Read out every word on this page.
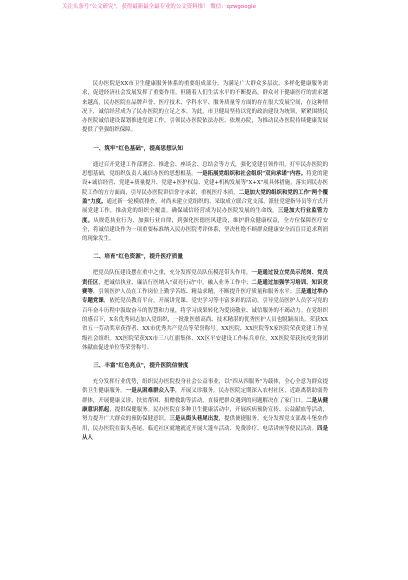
关注头条号"公文研究"，获得最新最全最专业的公文资料推！ 微信：qzwgoogle

民办医院是XX市卫生健康服务体系的重要组成部分，为满足广大群众多层次、多样化健康服务需求，促进经济社会发展发挥了重要作用。但随着人们生活水平的不断提高，群众对于健康医疗的需求越来越高，民办医院在品牌声誉、医疗技术、学科水平、服务质量等方面的存在很大发展空间，在这种情况下，诚信经营成为了民办医院的立足之本。为此，市卫健局坚持以党的政治建设为统领，紧紧围绕民办医院诚信建设谋划推进党建工作，引领民办医院依法办医、依规办院，为推动民办医院持续健康发展提供了坚强组织保障。

一、筑牢"红色基础"，提高思想认知

通过召开党建工作部署会、推进会、座谈会、总结会等方式，强化党建引领作用，打牢民办医院的思想基础，党组织负责人诚信办医的思想根基。一是拓展党组织和社会组织"双向承诺"内容。将党的建设+诚信经营、党建+质量提升、党建+医护权益、党建+机构发展等"X+X"项具体措施，落实到民办医院工作的方方面面，引导民办医院讲信誉守承诺，重视医疗本质。二是加大党的组织和党的工作"两个覆盖"力度。通过新一轮模底排查，对尚未建立党组织的、采取成立联合党支部、派驻党建指导员等方式开展党建工作，推动党的组织全覆盖。确保诚信经营成为民办医院发展的生命线。三是加大行业监管力度。从规范执业行为，加强行业自律，到强化医德医风建设，维护群众健康权益，全方位保障医疗安全，将诚信建设作为一项重要标准纳入民办医院考评体系，坚决杜绝不顾群众健康安全而盲目追求利润的现象发生。

二、培育"红色资源"，提升医疗质量

把党员队伍建设摆在重中之重，充分发挥党员队伍模范带头作用。一是通过设立党员示范岗、党员责任区，把诚信执业、廉洁行医纳入"双亮行动"中，融入业务工作中；二是通过加强学习培训、知识竞赛等，引领医护人员在工作岗位上勤学苦练、精益求精，不断提升医疗质量和服务水平；三是通过举办专题党课，依托党员教育平台，开展讲党课、党史学习等丰富多彩的活动，引导党员医护人员学习党的百年奋斗历程中汲取奋斗的智慧和力量，将学习成果转化为爱岗敬业、诚信服务的不竭动力。在党组织的感召下，X名优秀同志加入党组织，一批批医德高尚、技术精湛的优秀医护人员也脱颖而出。荣获XX省五一劳动奖章获得者、XX市优秀共产党员等荣誉称号。XX医院、XX医院等X家医院荣获党建工作星级社会组织。XX医院荣获XX市三八红旗集体、XX区平安建设工作标兵单位，XX医院荣获抗疫先锋团体献血促进单位等荣誉称号。

三、丰富"红色亮点"，提升医院信誉度

充分发挥行业优势，组织民办医院投身社会公益事业，以"四从四服务"为载体，全心全意为群众提供卫生健康服务。一是从困难群众入手，开展义诊服务。民办医院定期深入农村社区，近距离帮助弱势群体，开展健康义诊、扶贫帮困、捐赠救助等活动，直接把群众遇到的问题解决在了家门口。二是从健康意识抓起，提供保健服务。民办医院在多种卫生健康活动中，开展疾病预防宣传、公益献血等活动，努力提升广大群众的预防保健意识。三是从街头巷尾出发，提供便捷服务。充分发挥党支部战斗堡垒作用，民办医院在街头巷尾、临近社区就地就近开展大篷车活动、免费诊疗、电话讲座等便民活动。四是从人
